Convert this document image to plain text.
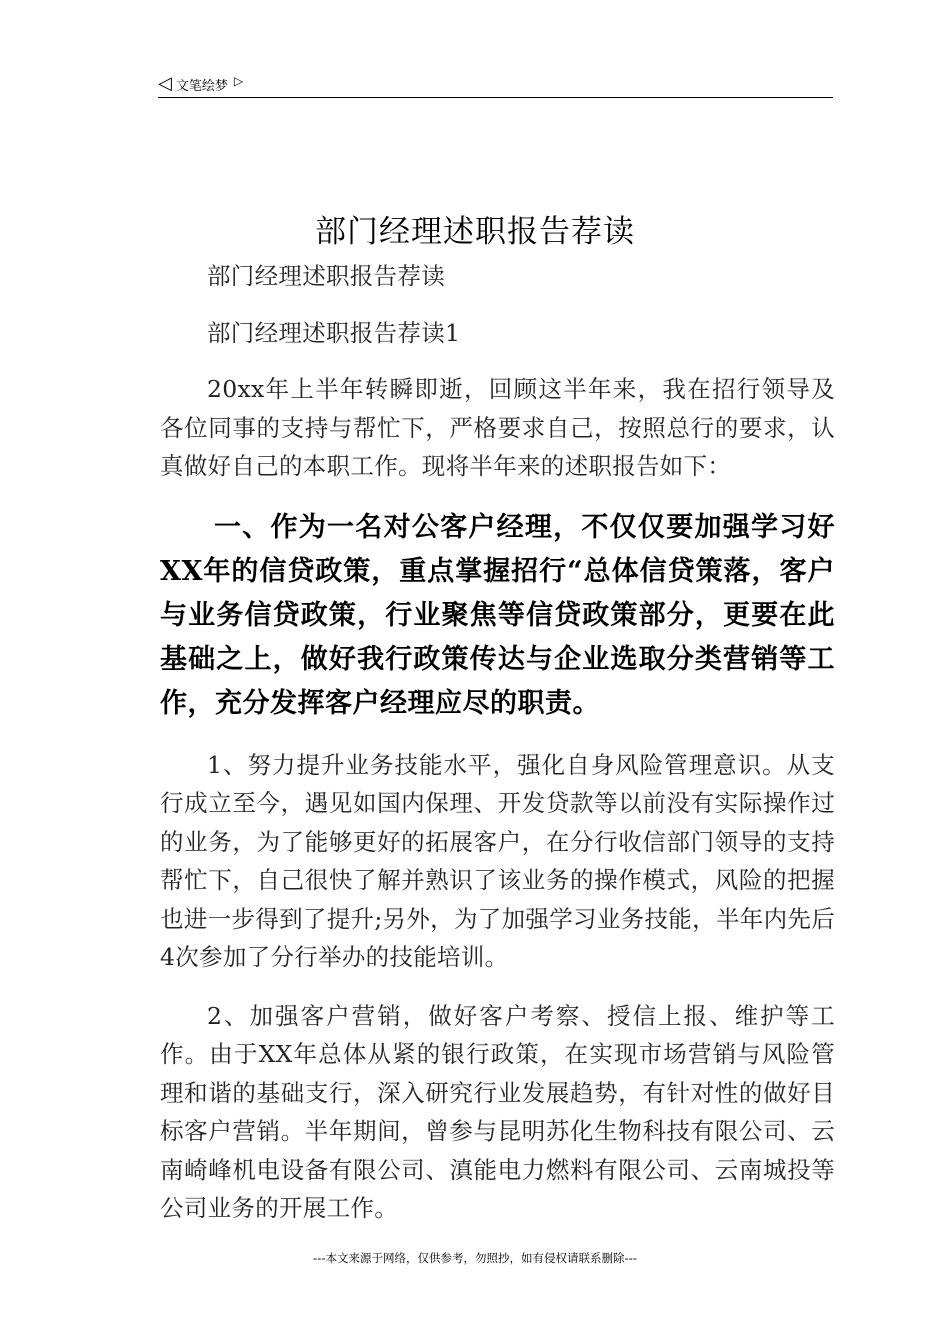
◁ 文笔绘梦 ▷
部门经理述职报告荐读

部门经理述职报告荐读

部门经理述职报告荐读1

20xx年上半年转瞬即逝，回顾这半年来，我在招行领导及各位同事的支持与帮忙下，严格要求自己，按照总行的要求，认真做好自己的本职工作。现将半年来的述职报告如下：

一、作为一名对公客户经理，不仅仅要加强学习好XX年的信贷政策，重点掌握招行“总体信贷策落，客户与业务信贷政策，行业聚焦等信贷政策部分，更要在此基础之上，做好我行政策传达与企业选取分类营销等工作，充分发挥客户经理应尽的职责。

1、努力提升业务技能水平，强化自身风险管理意识。从支行成立至今，遇见如国内保理、开发贷款等以前没有实际操作过的业务，为了能够更好的拓展客户，在分行收信部门领导的支持帮忙下，自己很快了解并熟识了该业务的操作模式，风险的把握也进一步得到了提升;另外，为了加强学习业务技能，半年内先后4次参加了分行举办的技能培训。

2、加强客户营销，做好客户考察、授信上报、维护等工作。由于XX年总体从紧的银行政策，在实现市场营销与风险管理和谐的基础支行，深入研究行业发展趋势，有针对性的做好目标客户营销。半年期间，曾参与昆明苏化生物科技有限公司、云南崎峰机电设备有限公司、滇能电力燃料有限公司、云南城投等公司业务的开展工作。

---本文来源于网络，仅供参考，勿照抄，如有侵权请联系删除---
